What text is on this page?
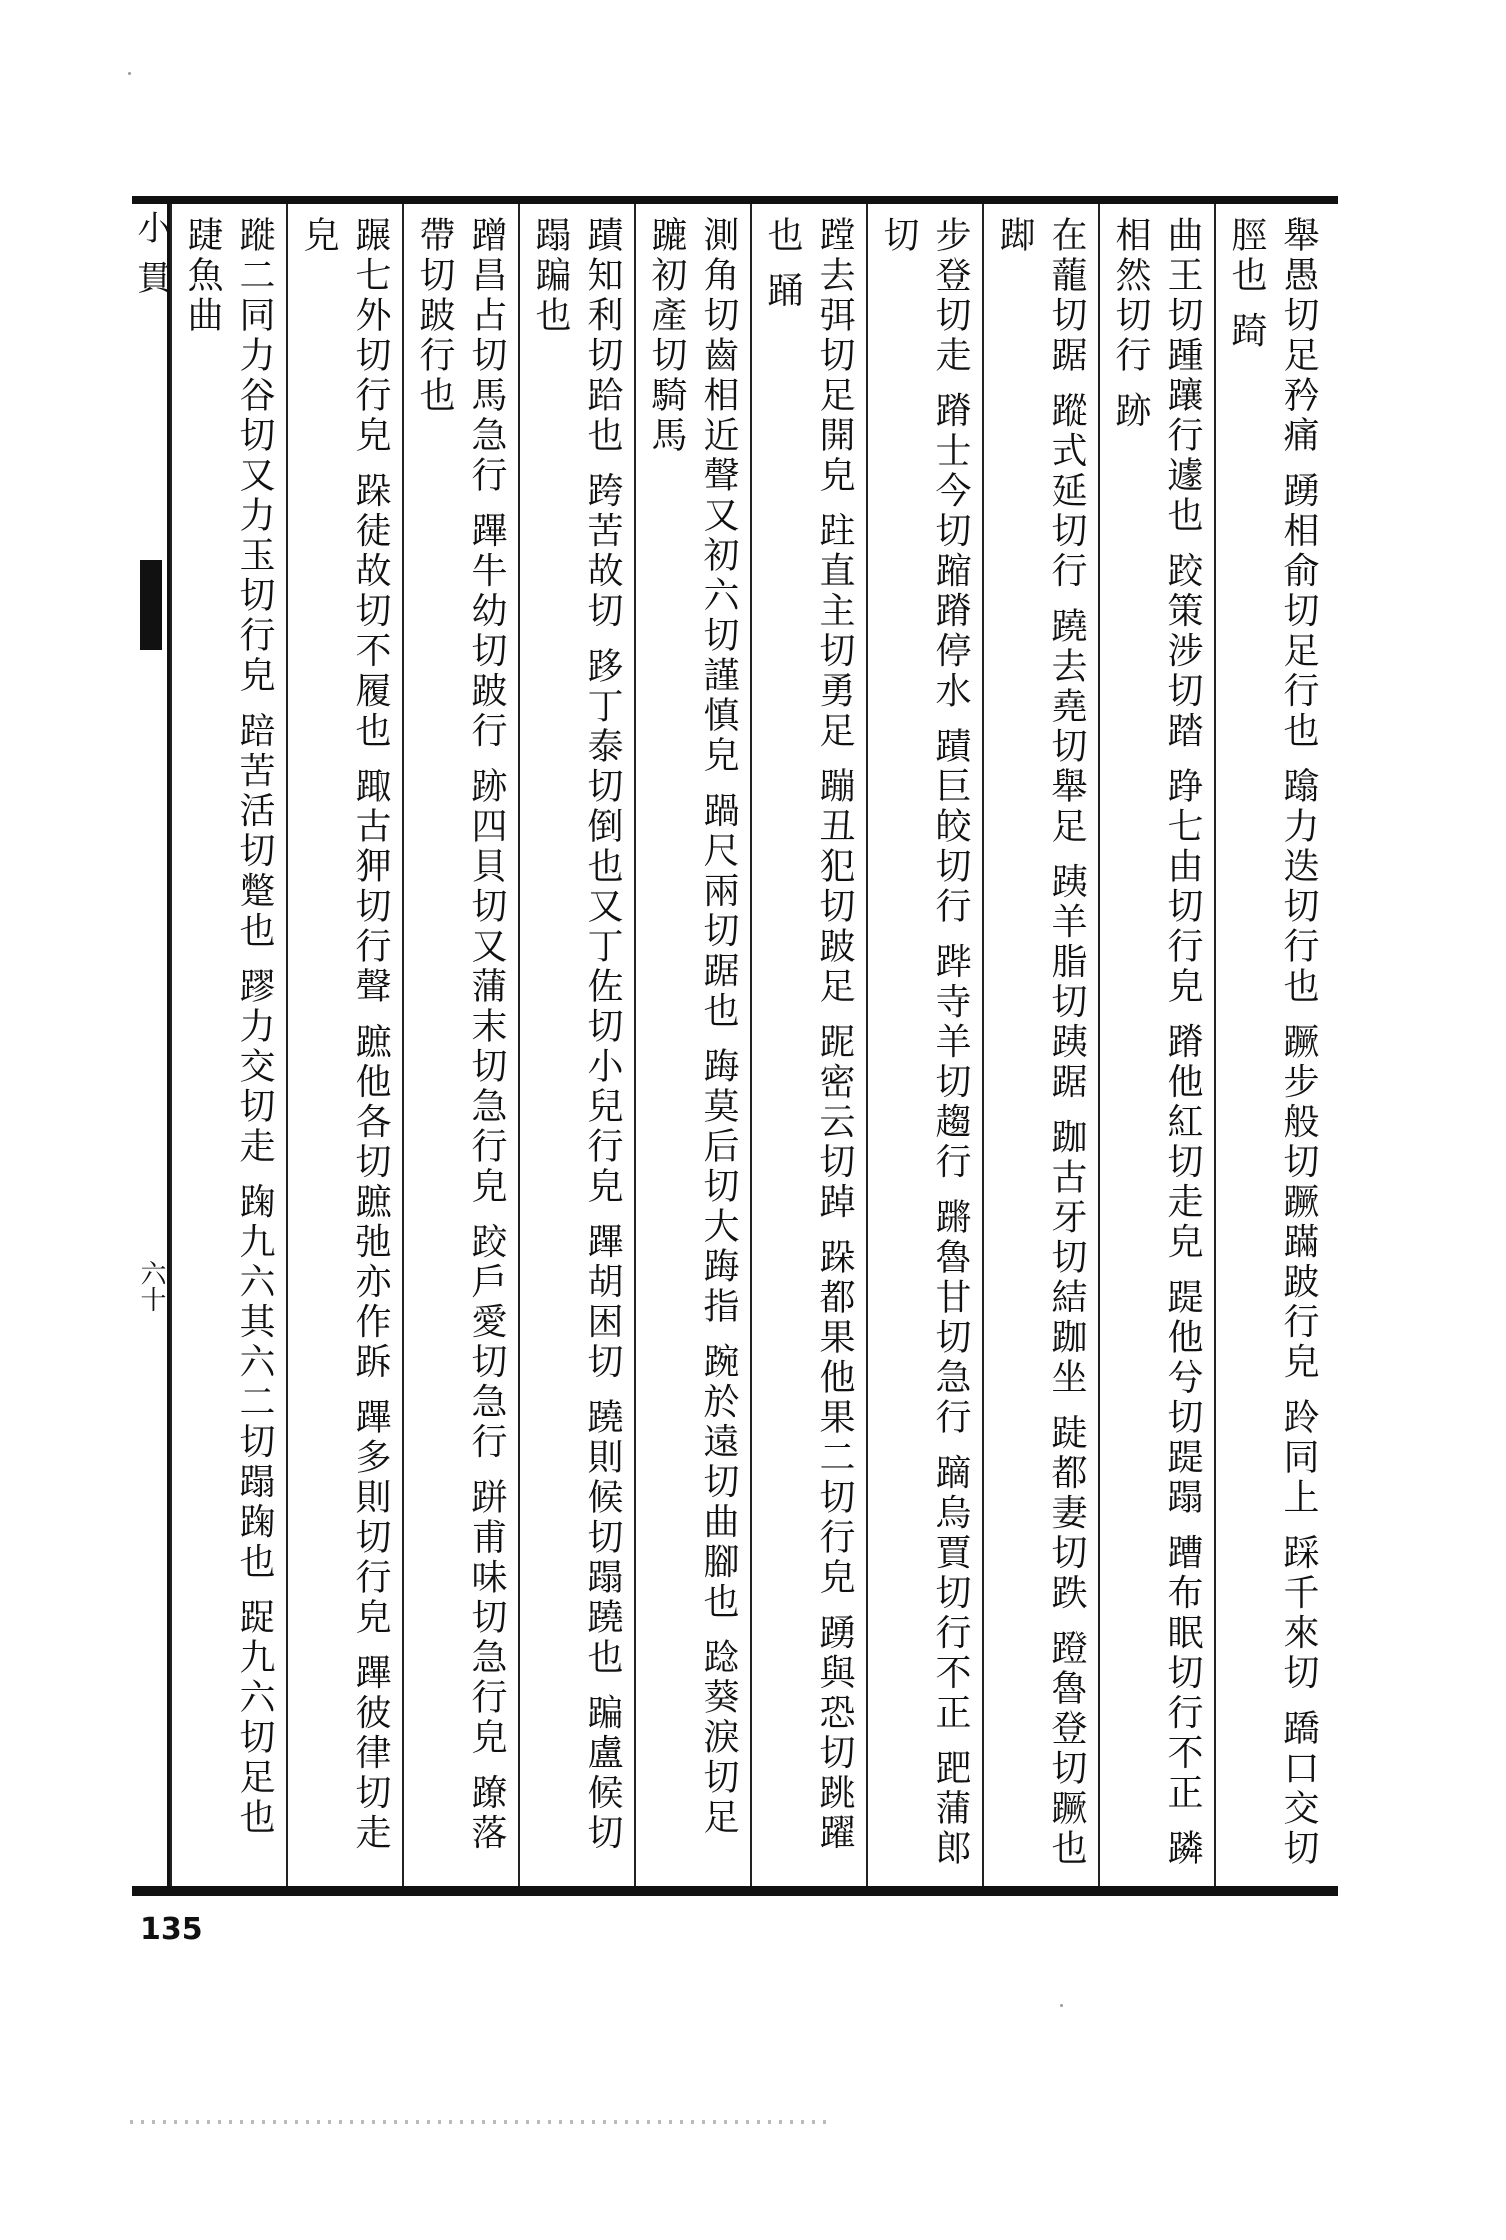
小
貫
六十	舉愚切足矜痛 踴相俞切足行也 蹹力迭切行也 蹶步般切蹶蹣跛行皃 跉同上 踩千來切 蹻口交切脛也 踦
曲王切踵躟行遽也 跤策涉切踏 踭七由切行皃 蹐他紅切走皃 踶他兮切踶蹋 蹧布眠切行不正 蹸相然切行 跡
在蘢切踞 蹤式延切行 蹺去堯切舉足 跠羊脂切跠踞 跏古牙切結跏坐 跿都妻切跌 蹬魯登切蹶也 踋
步登切走 蹐士今切蹜蹐停水 蹟巨皎切行 跸寺羊切趨行 蹡魯甘切急行 蹢烏賈切行不正 跁蒲郎切
蹚去弭切足開皃 跓直主切勇足 蹦丑犯切跛足 跜密云切踔 跺都果他果二切行皃 踴與恐切跳躍也 踊
測角切齒相近聲又初六切謹慎皃 踻尺兩切踞也 踇莫后切大踇指 踠於遠切曲腳也 踗葵淚切足 蹗初產切騎馬
蹟知利切跲也 跨苦故切 跢丁泰切倒也又丁佐切小兒行皃 蹕胡困切 蹺則候切蹋蹺也 蹁盧候切蹋蹁也
蹭昌占切馬急行 蹕牛幼切跛行 跡四貝切又蒲末切急行皃 跤戶愛切急行 跰甫味切急行皃 蹽落帶切跛行也
蹍七外切行皃 跺徒故切不履也 踙古狎切行聲 蹠他各切蹠弛亦作跅 蹕多則切行皃 蹕彼律切走皃
蹝二同力谷切又力玉切行皃 踣苦活切蹩也 蹘力交切走 踘九六其六二切蹋踘也 踀九六切足也 踕魚曲
135
